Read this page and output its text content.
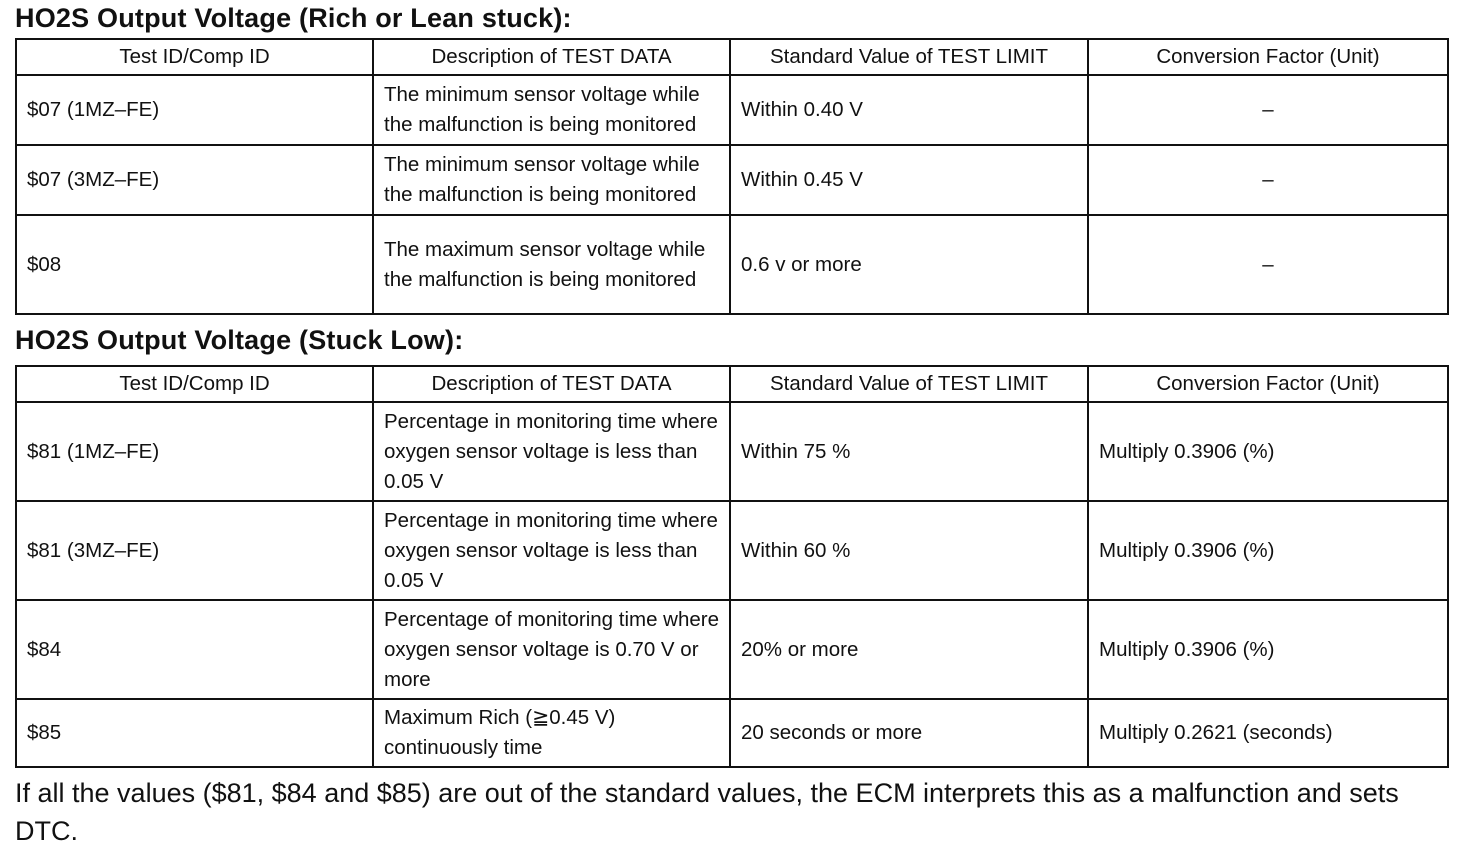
HO2S Output Voltage (Rich or Lean stuck):
Test ID/Comp ID	Description of TEST DATA	Standard Value of TEST LIMIT	Conversion Factor (Unit)
$07 (1MZ–FE)	The minimum sensor voltage while the malfunction is being monitored	Within 0.40 V	–
$07 (3MZ–FE)	The minimum sensor voltage while the malfunction is being monitored	Within 0.45 V	–
$08	The maximum sensor voltage while the malfunction is being monitored	0.6 v or more	–
HO2S Output Voltage (Stuck Low):
Test ID/Comp ID	Description of TEST DATA	Standard Value of TEST LIMIT	Conversion Factor (Unit)
$81 (1MZ–FE)	Percentage in monitoring time where oxygen sensor voltage is less than 0.05 V	Within 75 %	Multiply 0.3906 (%)
$81 (3MZ–FE)	Percentage in monitoring time where oxygen sensor voltage is less than 0.05 V	Within 60 %	Multiply 0.3906 (%)
$84	Percentage of monitoring time where oxygen sensor voltage is 0.70 V or more	20% or more	Multiply 0.3906 (%)
$85	Maximum Rich (≧0.45 V) continuously time	20 seconds or more	Multiply 0.2621 (seconds)
If all the values ($81, $84 and $85) are out of the standard values, the ECM interprets this as a malfunction and sets DTC.
